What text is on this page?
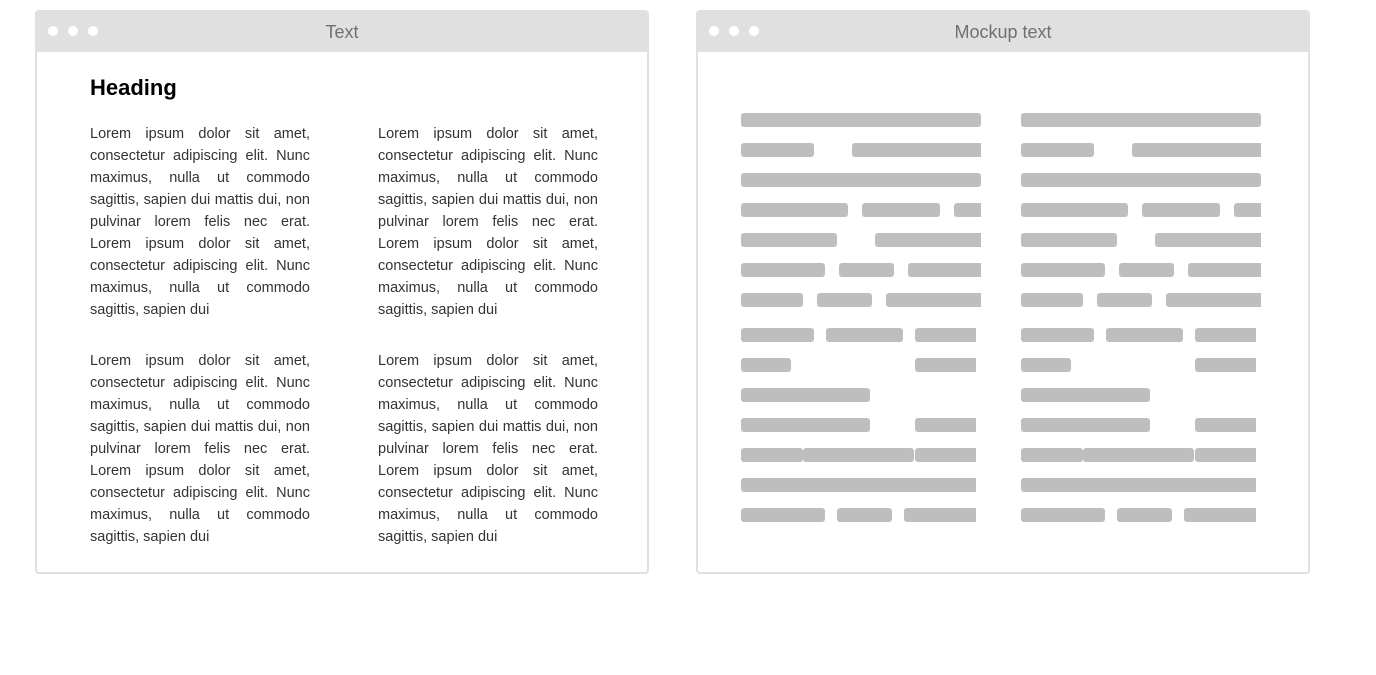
Text
Heading

Lorem ipsum dolor sit amet, consectetur adipiscing elit. Nunc maximus, nulla ut commodo sagittis, sapien dui mattis dui, non pulvinar lorem felis nec erat. Lorem ipsum dolor sit amet, consectetur adipiscing elit. Nunc maximus, nulla ut commodo sagittis, sapien dui

Lorem ipsum dolor sit amet, consectetur adipiscing elit. Nunc maximus, nulla ut commodo sagittis, sapien dui mattis dui, non pulvinar lorem felis nec erat. Lorem ipsum dolor sit amet, consectetur adipiscing elit. Nunc maximus, nulla ut commodo sagittis, sapien dui

Lorem ipsum dolor sit amet, consectetur adipiscing elit. Nunc maximus, nulla ut commodo sagittis, sapien dui mattis dui, non pulvinar lorem felis nec erat. Lorem ipsum dolor sit amet, consectetur adipiscing elit. Nunc maximus, nulla ut commodo sagittis, sapien dui

Lorem ipsum dolor sit amet, consectetur adipiscing elit. Nunc maximus, nulla ut commodo sagittis, sapien dui mattis dui, non pulvinar lorem felis nec erat. Lorem ipsum dolor sit amet, consectetur adipiscing elit. Nunc maximus, nulla ut commodo sagittis, sapien dui

Mockup text
